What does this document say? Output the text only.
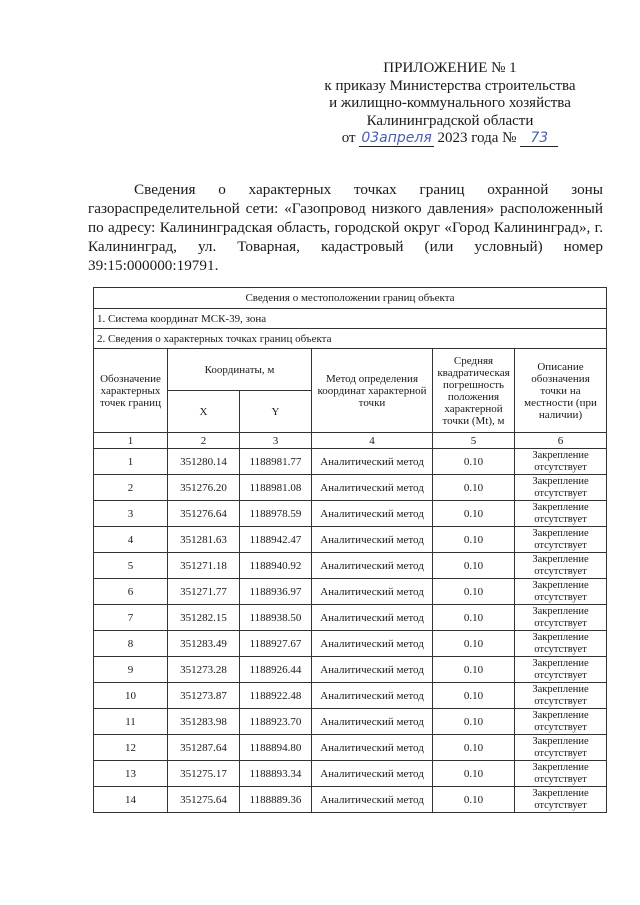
ПРИЛОЖЕНИЕ № 1
к приказу Министерства строительства
и жилищно-коммунального хозяйства
Калининградской области
от 03апреля 2023 года № 73
Сведения о характерных точках границ охранной зоны газораспределительной сети: «Газопровод низкого давления» расположенный по адресу: Калининградская область, городской округ «Город Калининград», г. Калининград, ул. Товарная, кадастровый (или условный) номер 39:15:000000:19791.
Сведения о местоположении границ объекта					
1. Система координат МСК-39, зона					
2. Сведения о характерных точках границ объекта					
Обозначение характерных точек границ	Координаты, м		Метод определения координат характерной точки	Средняя квадратическая погрешность положения характерной точки (Mt), м	Описание обозначения точки на местности (при наличии)
	X	Y			
1	2	3	4	5	6
1	351280.14	1188981.77	Аналитический метод	0.10	Закрепление отсутствует
2	351276.20	1188981.08	Аналитический метод	0.10	Закрепление отсутствует
3	351276.64	1188978.59	Аналитический метод	0.10	Закрепление отсутствует
4	351281.63	1188942.47	Аналитический метод	0.10	Закрепление отсутствует
5	351271.18	1188940.92	Аналитический метод	0.10	Закрепление отсутствует
6	351271.77	1188936.97	Аналитический метод	0.10	Закрепление отсутствует
7	351282.15	1188938.50	Аналитический метод	0.10	Закрепление отсутствует
8	351283.49	1188927.67	Аналитический метод	0.10	Закрепление отсутствует
9	351273.28	1188926.44	Аналитический метод	0.10	Закрепление отсутствует
10	351273.87	1188922.48	Аналитический метод	0.10	Закрепление отсутствует
11	351283.98	1188923.70	Аналитический метод	0.10	Закрепление отсутствует
12	351287.64	1188894.80	Аналитический метод	0.10	Закрепление отсутствует
13	351275.17	1188893.34	Аналитический метод	0.10	Закрепление отсутствует
14	351275.64	1188889.36	Аналитический метод	0.10	Закрепление отсутствует
